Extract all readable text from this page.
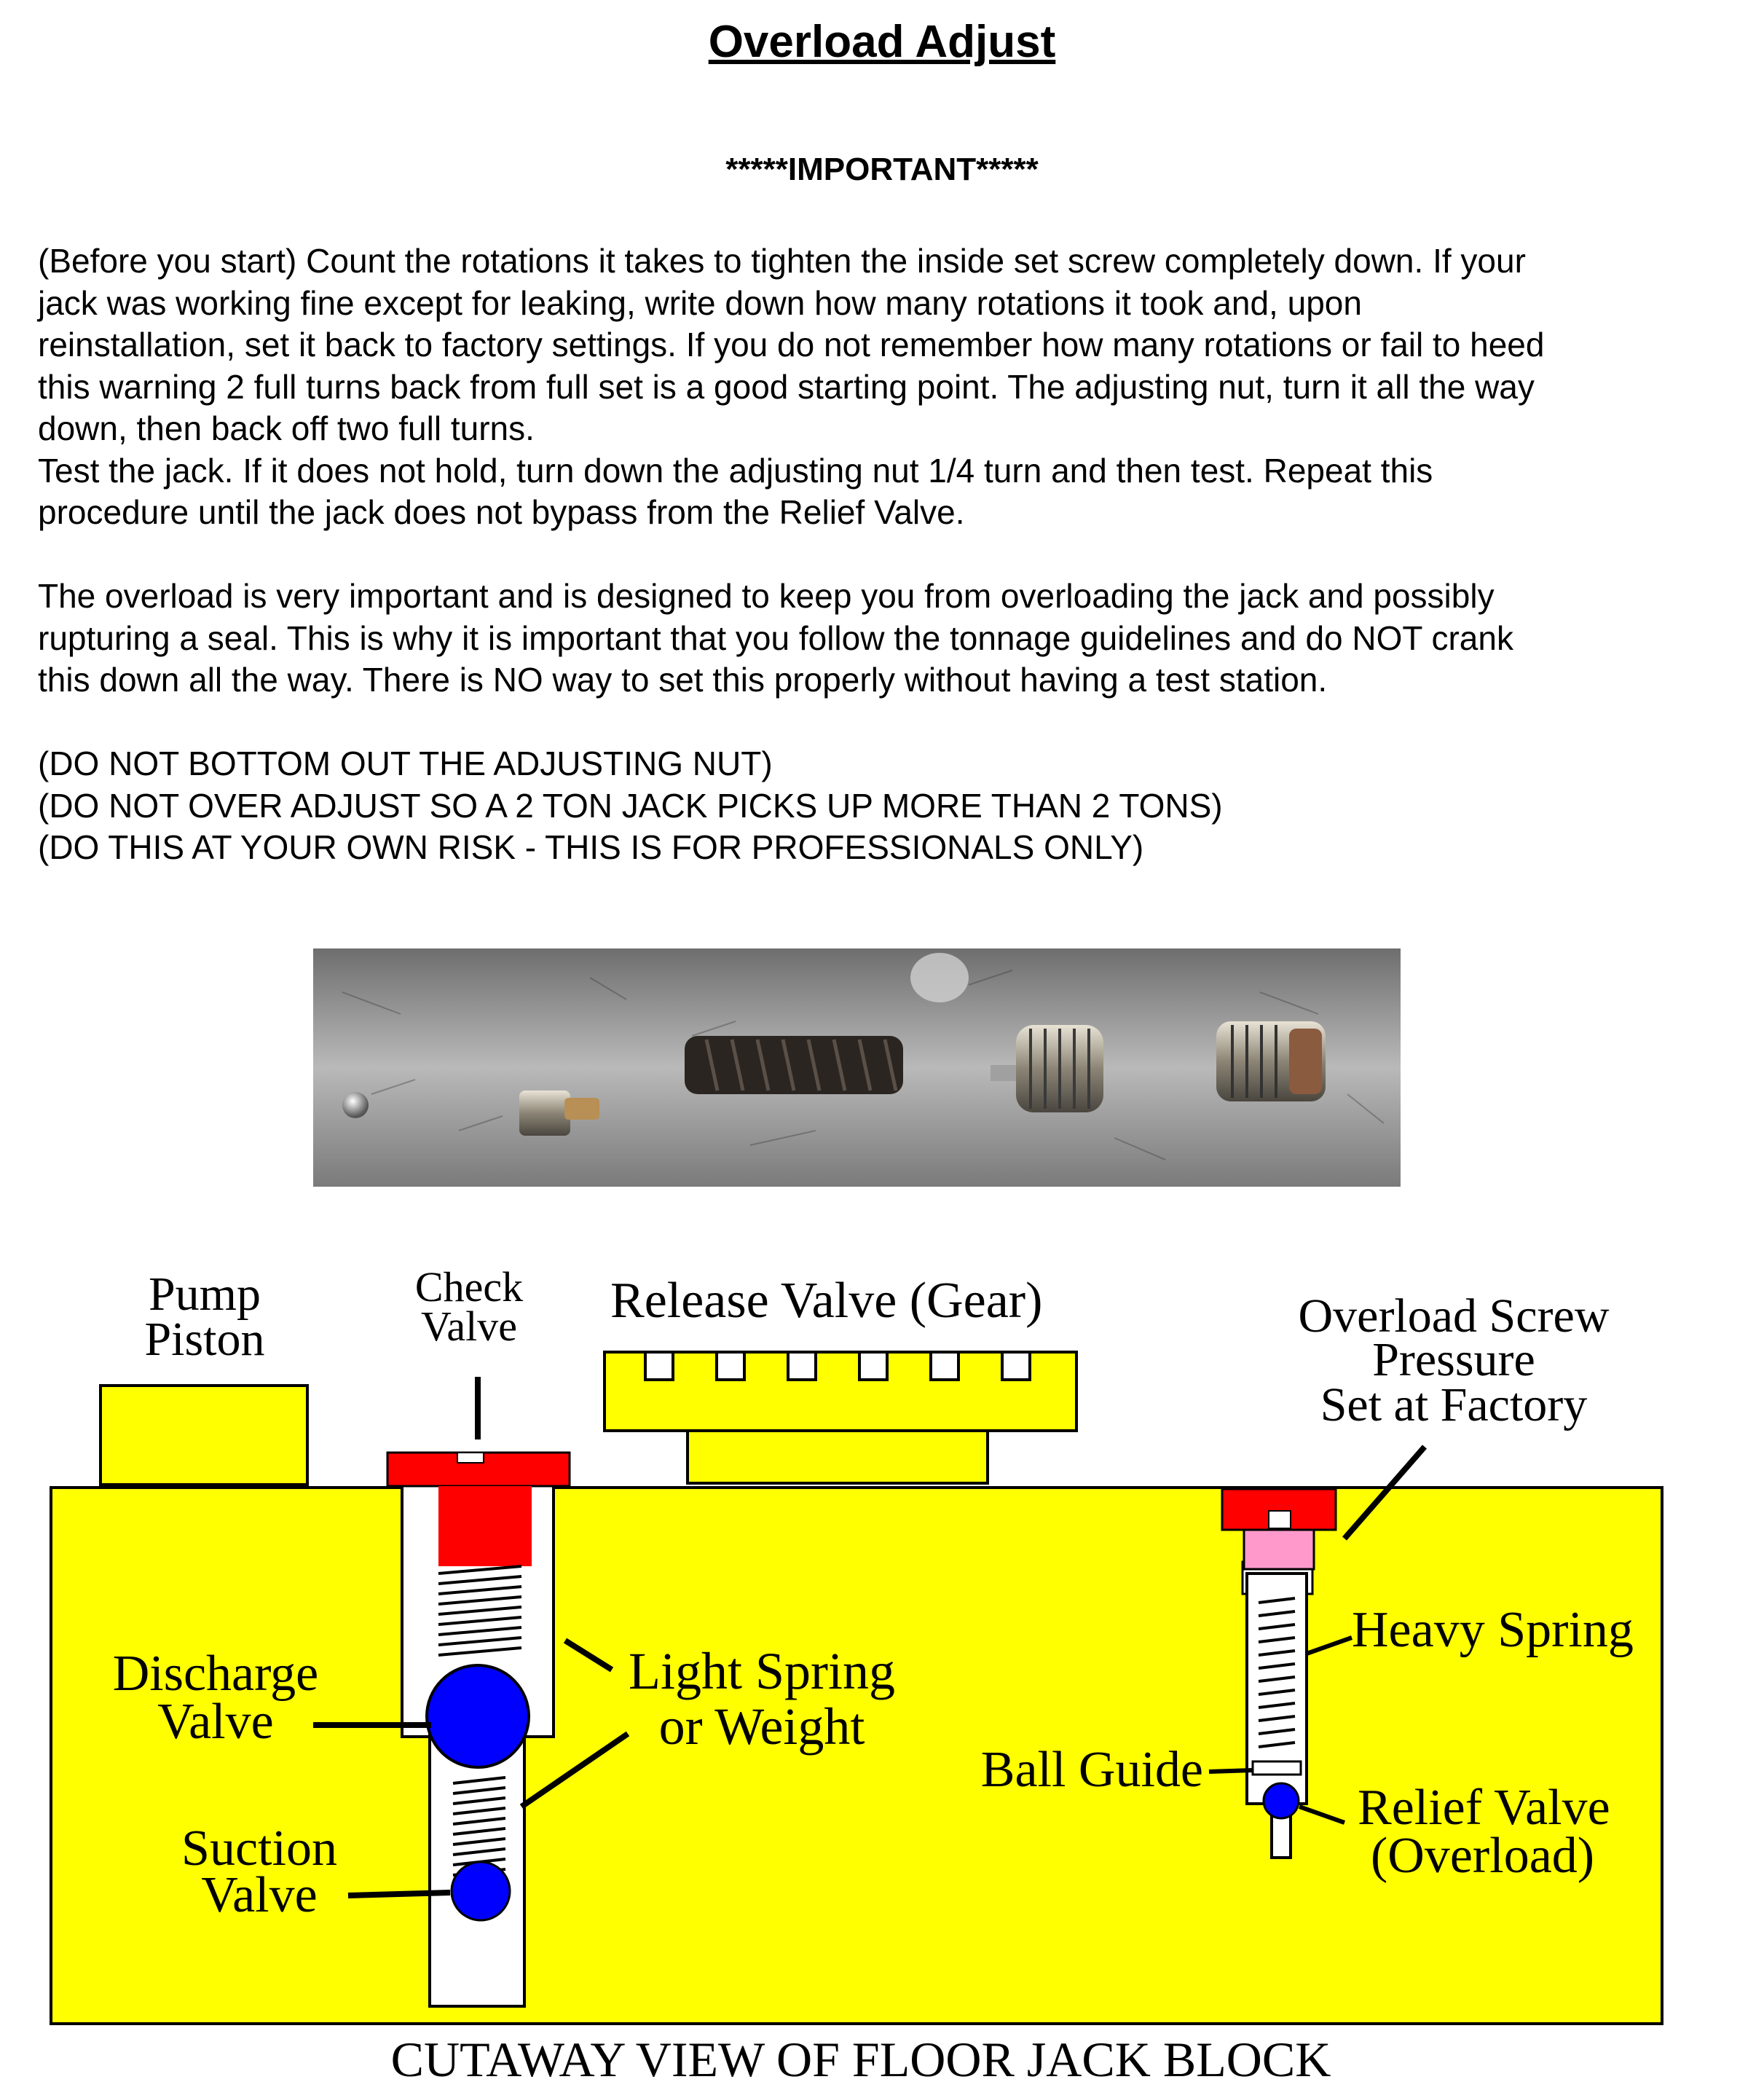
Overload Adjust
*****IMPORTANT*****
(Before you start) Count the rotations it takes to tighten the inside set screw completely down. If your
jack was working fine except for leaking, write down how many rotations it took and, upon
reinstallation, set it back to factory settings. If you do not remember how many rotations or fail to heed
this warning 2 full turns back from full set is a good starting point. The adjusting nut, turn it all the way
down, then back off two full turns.
Test the jack. If it does not hold, turn down the adjusting nut 1/4 turn and then test. Repeat this
procedure until the jack does not bypass from the Relief Valve.
The overload is very important and is designed to keep you from overloading the jack and possibly
rupturing a seal. This is why it is important that you follow the tonnage guidelines and do NOT crank
this down all the way. There is NO way to set this properly without having a test station.
(DO NOT BOTTOM OUT THE ADJUSTING NUT)
(DO NOT OVER ADJUST SO A 2 TON JACK PICKS UP MORE THAN 2 TONS)
(DO THIS AT YOUR OWN RISK - THIS IS FOR PROFESSIONALS ONLY)
Pump
Piston
Release Valve (Gear)
Check
Valve
Discharge
Valve
Suction
Valve
Light Spring
or Weight
Overload Screw
Pressure
Set at Factory
Heavy Spring
Ball Guide
Relief Valve
(Overload)
CUTAWAY VIEW OF FLOOR JACK BLOCK
